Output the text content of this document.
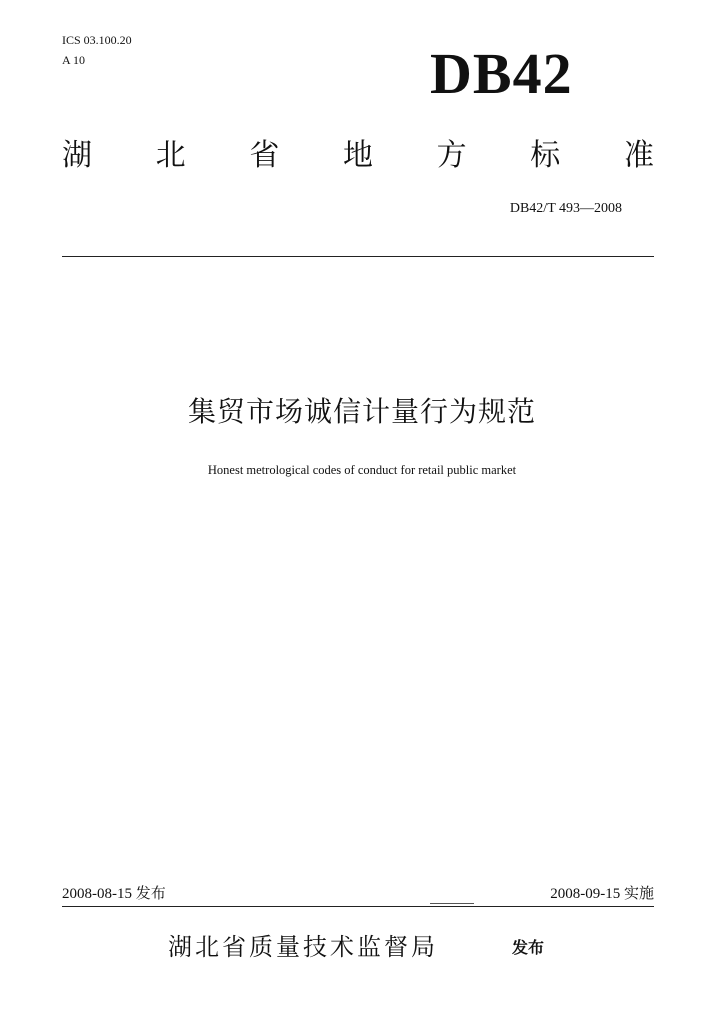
ICS 03.100.20
A 10	DB42
湖 北 省 地 方 标 准
DB42/T 493—2008
集贸市场诚信计量行为规范
Honest metrological codes of conduct for retail public market
2008-08-15 发布	2008-09-15 实施
湖北省质量技术监督局	发布
